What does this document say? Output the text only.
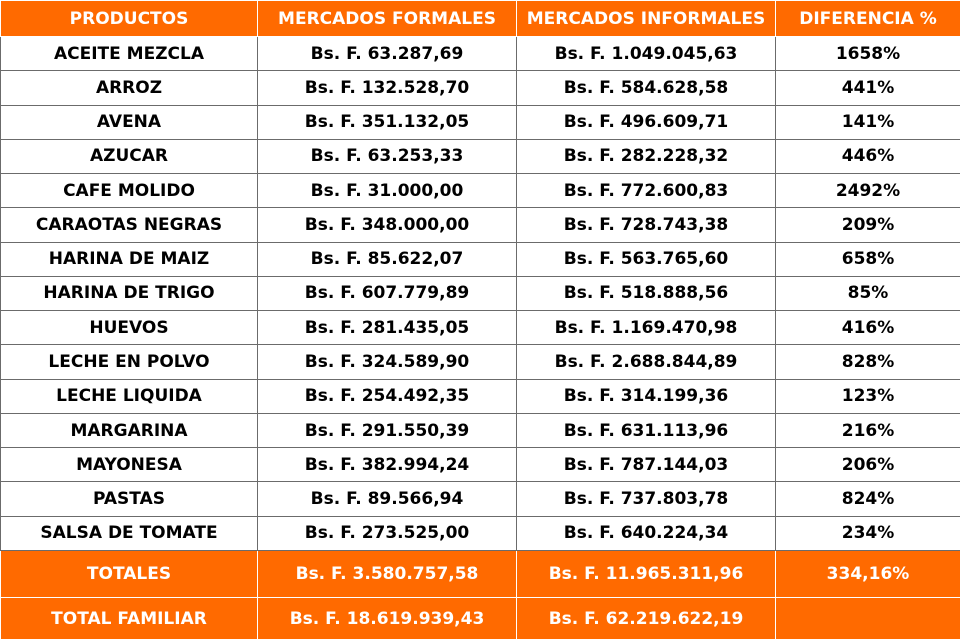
PRODUCTOS	MERCADOS FORMALES	MERCADOS INFORMALES	DIFERENCIA %
ACEITE MEZCLA	Bs. F. 63.287,69	Bs. F. 1.049.045,63	1658%
ARROZ	Bs. F. 132.528,70	Bs. F. 584.628,58	441%
AVENA	Bs. F. 351.132,05	Bs. F. 496.609,71	141%
AZUCAR	Bs. F. 63.253,33	Bs. F. 282.228,32	446%
CAFE MOLIDO	Bs. F. 31.000,00	Bs. F. 772.600,83	2492%
CARAOTAS NEGRAS	Bs. F. 348.000,00	Bs. F. 728.743,38	209%
HARINA DE MAIZ	Bs. F. 85.622,07	Bs. F. 563.765,60	658%
HARINA DE TRIGO	Bs. F. 607.779,89	Bs. F. 518.888,56	85%
HUEVOS	Bs. F. 281.435,05	Bs. F. 1.169.470,98	416%
LECHE EN POLVO	Bs. F. 324.589,90	Bs. F. 2.688.844,89	828%
LECHE LIQUIDA	Bs. F. 254.492,35	Bs. F. 314.199,36	123%
MARGARINA	Bs. F. 291.550,39	Bs. F. 631.113,96	216%
MAYONESA	Bs. F. 382.994,24	Bs. F. 787.144,03	206%
PASTAS	Bs. F. 89.566,94	Bs. F. 737.803,78	824%
SALSA DE TOMATE	Bs. F. 273.525,00	Bs. F. 640.224,34	234%
TOTALES	Bs. F. 3.580.757,58	Bs. F. 11.965.311,96	334,16%
TOTAL FAMILIAR	Bs. F. 18.619.939,43	Bs. F. 62.219.622,19	
